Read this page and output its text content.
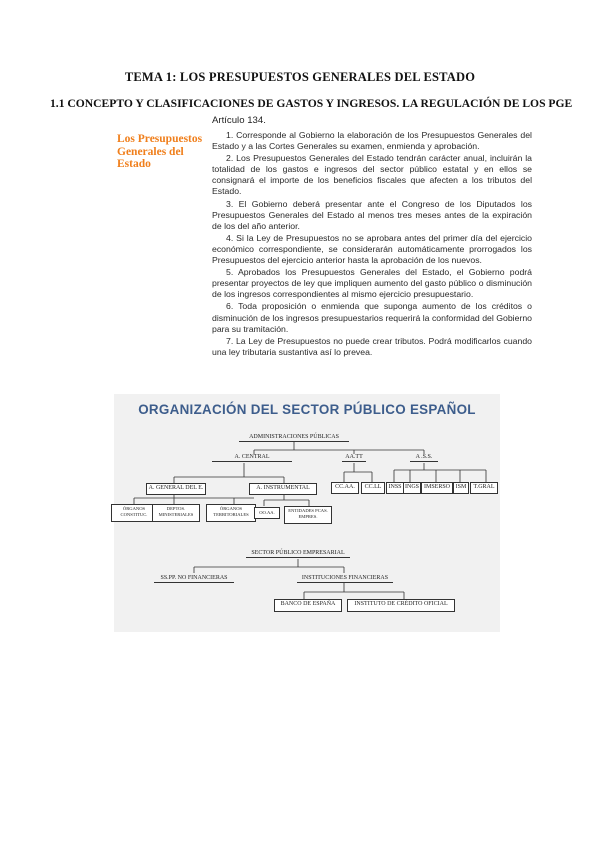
TEMA 1: LOS PRESUPUESTOS GENERALES DEL ESTADO
1.1 CONCEPTO Y CLASIFICACIONES DE GASTOS Y INGRESOS. LA REGULACIÓN DE LOS PGE
Artículo 134.
Los Presupuestos Generales del Estado

1. Corresponde al Gobierno la elaboración de los Presupuestos Generales del Estado y a las Cortes Generales su examen, enmienda y aprobación.

2. Los Presupuestos Generales del Estado tendrán carácter anual, incluirán la totalidad de los gastos e ingresos del sector público estatal y en ellos se consignará el importe de los beneficios fiscales que afecten a los tributos del Estado.

3. El Gobierno deberá presentar ante el Congreso de los Diputados los Presupuestos Generales del Estado al menos tres meses antes de la expiración de los del año anterior.

4. Si la Ley de Presupuestos no se aprobara antes del primer día del ejercicio económico correspondiente, se considerarán automáticamente prorrogados los Presupuestos del ejercicio anterior hasta la aprobación de los nuevos.

5. Aprobados los Presupuestos Generales del Estado, el Gobierno podrá presentar proyectos de ley que impliquen aumento del gasto público o disminución de los ingresos correspondientes al mismo ejercicio presupuestario.

6. Toda proposición o enmienda que suponga aumento de los créditos o disminución de los ingresos presupuestarios requerirá la conformidad del Gobierno para su tramitación.

7. La Ley de Presupuestos no puede crear tributos. Podrá modificarlos cuando una ley tributaria sustantiva así lo prevea.

ORGANIZACIÓN DEL SECTOR PÚBLICO ESPAÑOL
ADMINISTRACIONES PÚBLICAS
A. CENTRAL	AA.TT	A .S.S.
A. GENERAL DEL E.	A. INSTRUMENTAL	CC.AA.	CC.LL	INSS INGS IMSERSO ISM	T.GRAL
ÓRGANOS CONSTITUC.
DEPTOS. MINISTERIALES
ÓRGANOS TERRITORIALES	OO.AA.	ENTIDADES PCAS. EMPRES.
SECTOR PÚBLICO EMPRESARIAL
SS.PP. NO FINANCIERAS	INSTITUCIONES FINANCIERAS
BANCO DE ESPAÑA	INSTITUTO DE CRÉDITO OFICIAL
